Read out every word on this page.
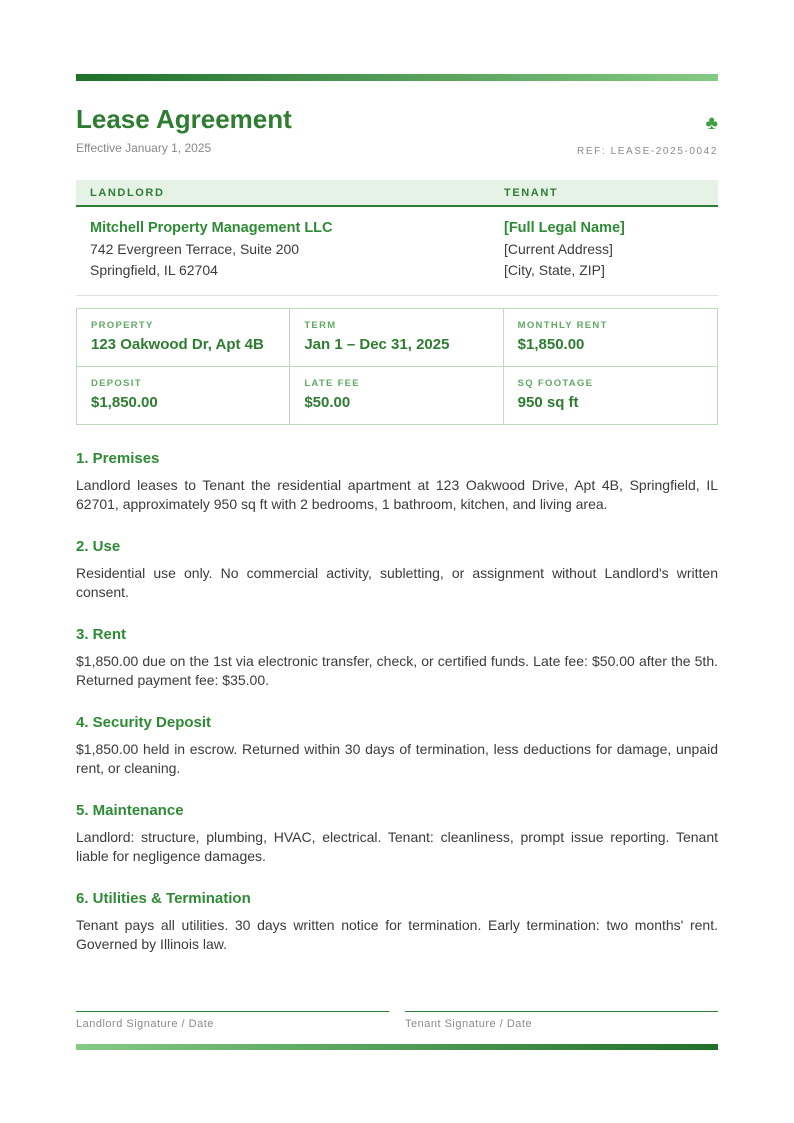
Lease Agreement
Effective January 1, 2025
♣
REF: LEASE-2025-0042
LANDLORD	TENANT
Mitchell Property Management LLC
742 Evergreen Terrace, Suite 200
Springfield, IL 62704
[Full Legal Name]
[Current Address]
[City, State, ZIP]
PROPERTY
123 Oakwood Dr, Apt 4B
TERM
Jan 1 – Dec 31, 2025
MONTHLY RENT
$1,850.00
DEPOSIT
$1,850.00
LATE FEE
$50.00
SQ FOOTAGE
950 sq ft
1. Premises
Landlord leases to Tenant the residential apartment at 123 Oakwood Drive, Apt 4B, Springfield, IL 62701, approximately 950 sq ft with 2 bedrooms, 1 bathroom, kitchen, and living area.
2. Use
Residential use only. No commercial activity, subletting, or assignment without Landlord's written consent.
3. Rent
$1,850.00 due on the 1st via electronic transfer, check, or certified funds. Late fee: $50.00 after the 5th. Returned payment fee: $35.00.
4. Security Deposit
$1,850.00 held in escrow. Returned within 30 days of termination, less deductions for damage, unpaid rent, or cleaning.
5. Maintenance
Landlord: structure, plumbing, HVAC, electrical. Tenant: cleanliness, prompt issue reporting. Tenant liable for negligence damages.
6. Utilities & Termination
Tenant pays all utilities. 30 days written notice for termination. Early termination: two months' rent. Governed by Illinois law.
Landlord Signature / Date	Tenant Signature / Date
